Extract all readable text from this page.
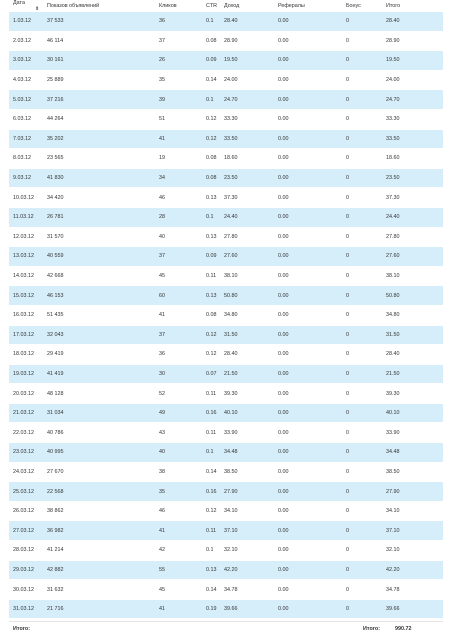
Дата⬍	Показов объявлений	Кликов	CTR	Доход	Рефералы	Бонус	Итого
1.03.12	37 533	36	0.1	28.40	0.00	0	28.40
2.03.12	46 114	37	0.08	28.90	0.00	0	28.90
3.03.12	30 161	26	0.09	19.50	0.00	0	19.50
4.03.12	25 889	35	0.14	24.00	0.00	0	24.00
5.03.12	37 216	39	0.1	24.70	0.00	0	24.70
6.03.12	44 264	51	0.12	33.30	0.00	0	33.30
7.03.12	35 202	41	0.12	33.50	0.00	0	33.50
8.03.12	23 565	19	0.08	18.60	0.00	0	18.60
9.03.12	41 830	34	0.08	23.50	0.00	0	23.50
10.03.12	34 420	46	0.13	37.30	0.00	0	37.30
11.03.12	26 781	28	0.1	24.40	0.00	0	24.40
12.03.12	31 570	40	0.13	27.80	0.00	0	27.80
13.03.12	40 559	37	0.09	27.60	0.00	0	27.60
14.03.12	42 668	45	0.11	38.10	0.00	0	38.10
15.03.12	46 153	60	0.13	50.80	0.00	0	50.80
16.03.12	51 435	41	0.08	34.80	0.00	0	34.80
17.03.12	32 043	37	0.12	31.50	0.00	0	31.50
18.03.12	29 419	36	0.12	28.40	0.00	0	28.40
19.03.12	41 419	30	0.07	21.50	0.00	0	21.50
20.03.12	48 128	52	0.11	39.30	0.00	0	39.30
21.03.12	31 034	49	0.16	40.10	0.00	0	40.10
22.03.12	40 786	43	0.11	33.90	0.00	0	33.90
23.03.12	40 995	40	0.1	34.48	0.00	0	34.48
24.03.12	27 670	38	0.14	38.50	0.00	0	38.50
25.03.12	22 568	35	0.16	27.90	0.00	0	27.90
26.03.12	38 862	46	0.12	34.10	0.00	0	34.10
27.03.12	36 982	41	0.11	37.10	0.00	0	37.10
28.03.12	41 214	42	0.1	32.10	0.00	0	32.10
29.03.12	42 882	55	0.13	42.20	0.00	0	42.20
30.03.12	31 632	45	0.14	34.78	0.00	0	34.78
31.03.12	21 716	41	0.19	39.66	0.00	0	39.66
Итого:	Итого:	990.72
